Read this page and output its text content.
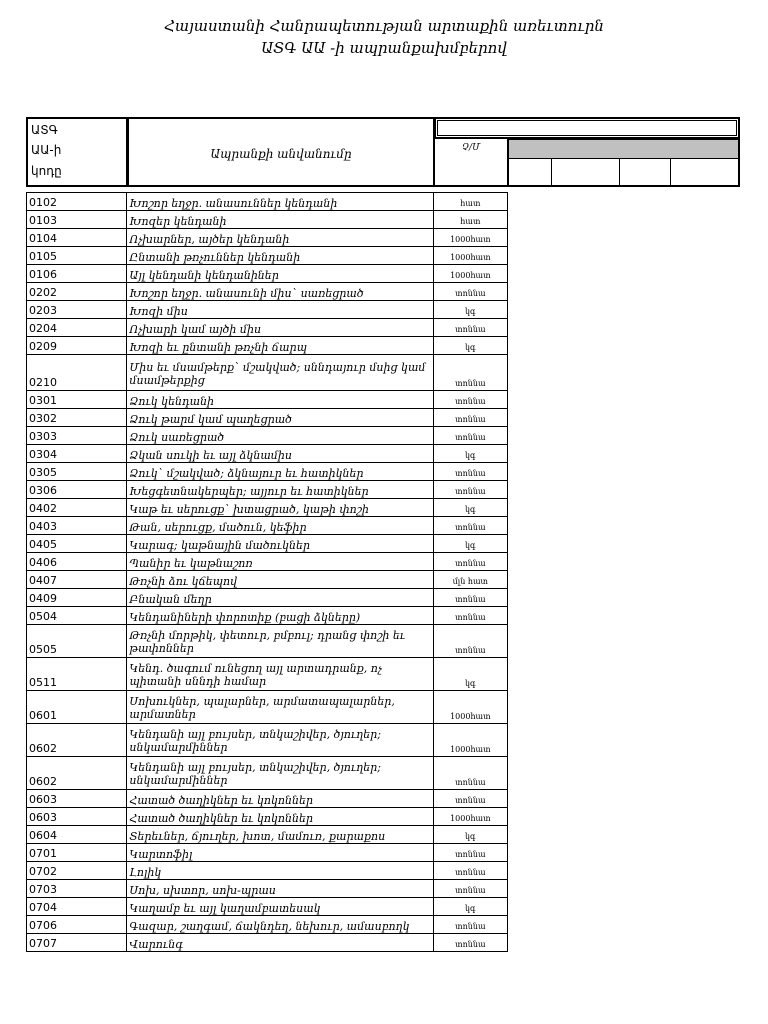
Հայաստանի Հանրապետության արտաքին առեւտուրն
ԱՏԳ ԱԱ -ի ապրանքախմբերով
ԱՏԳ
ԱԱ-ի
կոդը
Ապրանքի անվանումը	Չ/Մ
0102	Խոշոր եղջր. անասուններ կենդանի	հատ
0103	Խոզեր կենդանի	հատ
0104	Ոչխարներ, այծեր կենդանի	1000հատ
0105	Ընտանի թռչուններ կենդանի	1000հատ
0106	Այլ կենդանի կենդանիներ	1000հատ
0202	Խոշոր եղջր. անասունի միս` սառեցրած	տոննա
0203	Խոզի միս	կգ
0204	Ոչխարի կամ այծի միս	տոննա
0209	Խոզի եւ ընտանի թռչնի ճարպ	կգ
0210	Միս եւ մսամթերք` մշակված; սննդայուր մսից կամ մսամթերքից	տոննա
0301	Ձուկ կենդանի	տոննա
0302	Ձուկ թարմ կամ պաղեցրած	տոննա
0303	Ձուկ սառեցրած	տոննա
0304	Ձկան սուկի եւ այլ ձկնամիս	կգ
0305	Ձուկ` մշակված; ձկնայուր եւ հատիկներ	տոննա
0306	Խեցգետնակերպեր; այյուր եւ հատիկներ	տոննա
0402	Կաթ եւ սերուցք` խտացրած, կաթի փոշի	կգ
0403	Թան, սերուցք, մածուն, կեֆիր	տոննա
0405	Կարագ; կաթնային մածուկներ	կգ
0406	Պանիր եւ կաթնաշոռ	տոննա
0407	Թռչնի ձու կճեպով	մլն հատ
0409	Բնական մեղր	տոննա
0504	Կենդանիների փորոտիք (բացի ձկները)	տոննա
0505	Թռչնի մորթիկ, փետուր, բմբուլ; դրանց փոշի եւ թափոններ	տոննա
0511	Կենդ. ծագում ունեցող այլ արտադրանք, ոչ պիտանի սննդի համար	կգ
0601	Սոխուկներ, պալարներ, արմատապալարներ, արմատներ	1000հատ
0602	Կենդանի այլ բույսեր, տնկաշիվեր, ծյուղեր; սնկամարմիններ	1000հատ
0602	Կենդանի այլ բույսեր, տնկաշիվեր, ծյուղեր; սնկամարմիններ	տոննա
0603	Հատած ծաղիկներ եւ կոկոններ	տոննա
0603	Հատած ծաղիկներ եւ կոկոններ	1000հատ
0604	Տերեւներ, ճյուղեր, խոտ, մամուռ, քարաքոս	կգ
0701	Կարտոֆիլ	տոննա
0702	Լոլիկ	տոննա
0703	Սոխ, սխտոր, սոխ-պրաս	տոննա
0704	Կաղամբ եւ այլ կաղամբատեսակ	կգ
0706	Գազար, շաղգամ, ճակնդեղ, նեխուր, ամասբողկ	տոննա
0707	Վարունգ	տոննա
